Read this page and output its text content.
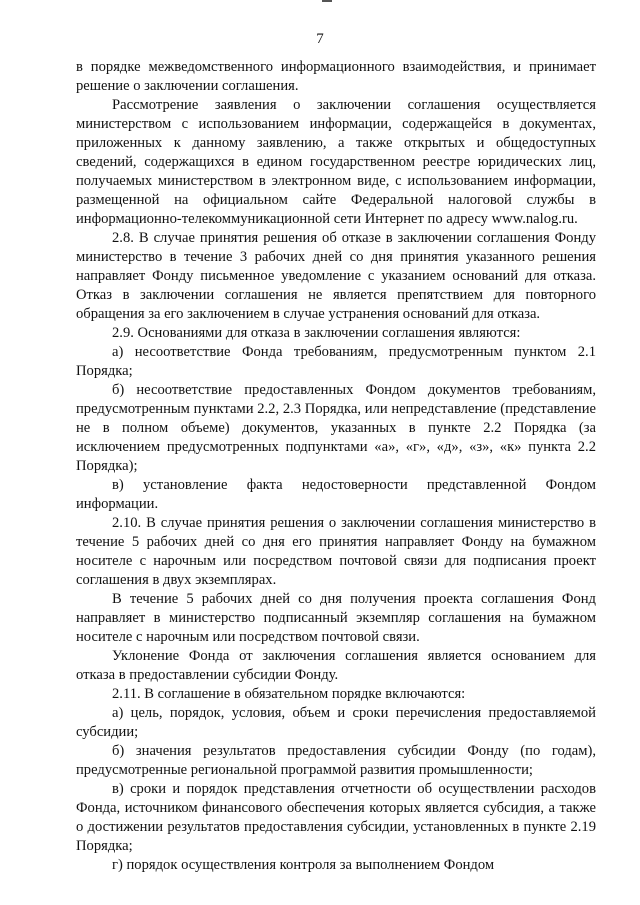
7

в порядке межведомственного информационного взаимодействия, и принимает решение о заключении соглашения.

Рассмотрение заявления о заключении соглашения осуществляется министерством с использованием информации, содержащейся в документах, приложенных к данному заявлению, а также открытых и общедоступных сведений, содержащихся в едином государственном реестре юридических лиц, получаемых министерством в электронном виде, с использованием информации, размещенной на официальном сайте Федеральной налоговой службы в информационно-телекоммуникационной сети Интернет по адресу www.nalog.ru.

2.8. В случае принятия решения об отказе в заключении соглашения Фонду министерство в течение 3 рабочих дней со дня принятия указанного решения направляет Фонду письменное уведомление с указанием оснований для отказа. Отказ в заключении соглашения не является препятствием для повторного обращения за его заключением в случае устранения оснований для отказа.

2.9. Основаниями для отказа в заключении соглашения являются:

а) несоответствие Фонда требованиям, предусмотренным пунктом 2.1 Порядка;

б) несоответствие предоставленных Фондом документов требованиям, предусмотренным пунктами 2.2, 2.3 Порядка, или непредставление (представление не в полном объеме) документов, указанных в пункте 2.2 Порядка (за исключением предусмотренных подпунктами «а», «г», «д», «з», «к» пункта 2.2 Порядка);

в) установление факта недостоверности представленной Фондом информации.

2.10. В случае принятия решения о заключении соглашения министерство в течение 5 рабочих дней со дня его принятия направляет Фонду на бумажном носителе с нарочным или посредством почтовой связи для подписания проект соглашения в двух экземплярах.

В течение 5 рабочих дней со дня получения проекта соглашения Фонд направляет в министерство подписанный экземпляр соглашения на бумажном носителе с нарочным или посредством почтовой связи.

Уклонение Фонда от заключения соглашения является основанием для отказа в предоставлении субсидии Фонду.

2.11. В соглашение в обязательном порядке включаются:

а) цель, порядок, условия, объем и сроки перечисления предоставляемой субсидии;

б) значения результатов предоставления субсидии Фонду (по годам), предусмотренные региональной программой развития промышленности;

в) сроки и порядок представления отчетности об осуществлении расходов Фонда, источником финансового обеспечения которых является субсидия, а также о достижении результатов предоставления субсидии, установленных в пункте 2.19 Порядка;

г) порядок осуществления контроля за выполнением Фондом
